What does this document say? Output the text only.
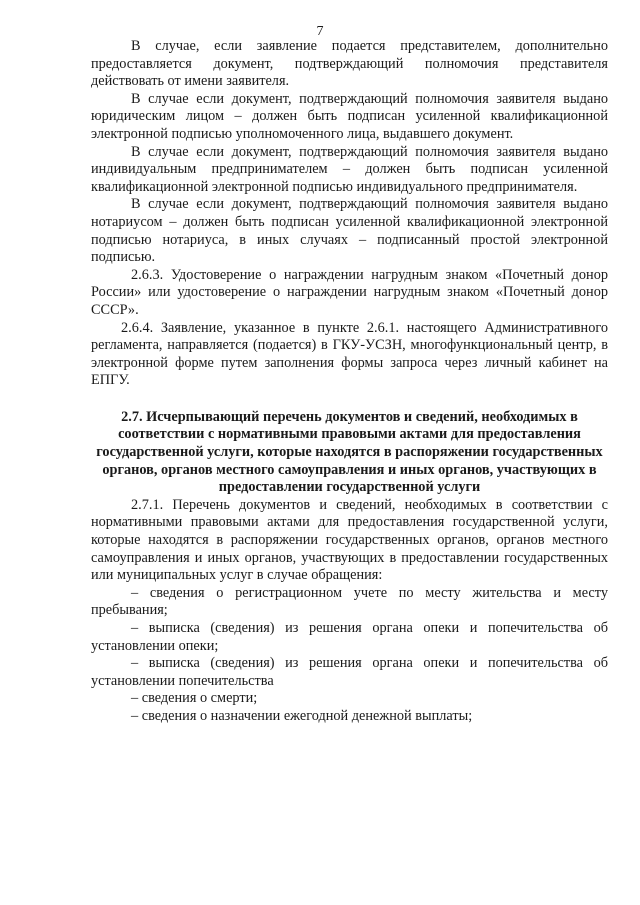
7

В случае, если заявление подается представителем, дополнительно предоставляется документ, подтверждающий полномочия представителя действовать от имени заявителя.

В случае если документ, подтверждающий полномочия заявителя выдано юридическим лицом – должен быть подписан усиленной квалификационной электронной подписью уполномоченного лица, выдавшего документ.

В случае если документ, подтверждающий полномочия заявителя выдано индивидуальным предпринимателем – должен быть подписан усиленной квалификационной электронной подписью индивидуального предпринимателя.

В случае если документ, подтверждающий полномочия заявителя выдано нотариусом – должен быть подписан усиленной квалификационной электронной подписью нотариуса, в иных случаях – подписанный простой электронной подписью.

2.6.3. Удостоверение о награждении нагрудным знаком «Почетный донор России» или удостоверение о награждении нагрудным знаком «Почетный донор СССР».

2.6.4. Заявление, указанное в пункте 2.6.1. настоящего Административного регламента, направляется (подается) в ГКУ-УСЗН, многофункциональный центр, в электронной форме путем заполнения формы запроса через личный кабинет на ЕПГУ.

2.7. Исчерпывающий перечень документов и сведений, необходимых в соответствии с нормативными правовыми актами для предоставления государственной услуги, которые находятся в распоряжении государственных органов, органов местного самоуправления и иных органов, участвующих в предоставлении государственной услуги

2.7.1. Перечень документов и сведений, необходимых в соответствии с нормативными правовыми актами для предоставления государственной услуги, которые находятся в распоряжении государственных органов, органов местного самоуправления и иных органов, участвующих в предоставлении государственных или муниципальных услуг в случае обращения:

– сведения о регистрационном учете по месту жительства и месту пребывания;

– выписка (сведения) из решения органа опеки и попечительства об установлении опеки;

– выписка (сведения) из решения органа опеки и попечительства об установлении попечительства

– сведения о смерти;

– сведения о назначении ежегодной денежной выплаты;
